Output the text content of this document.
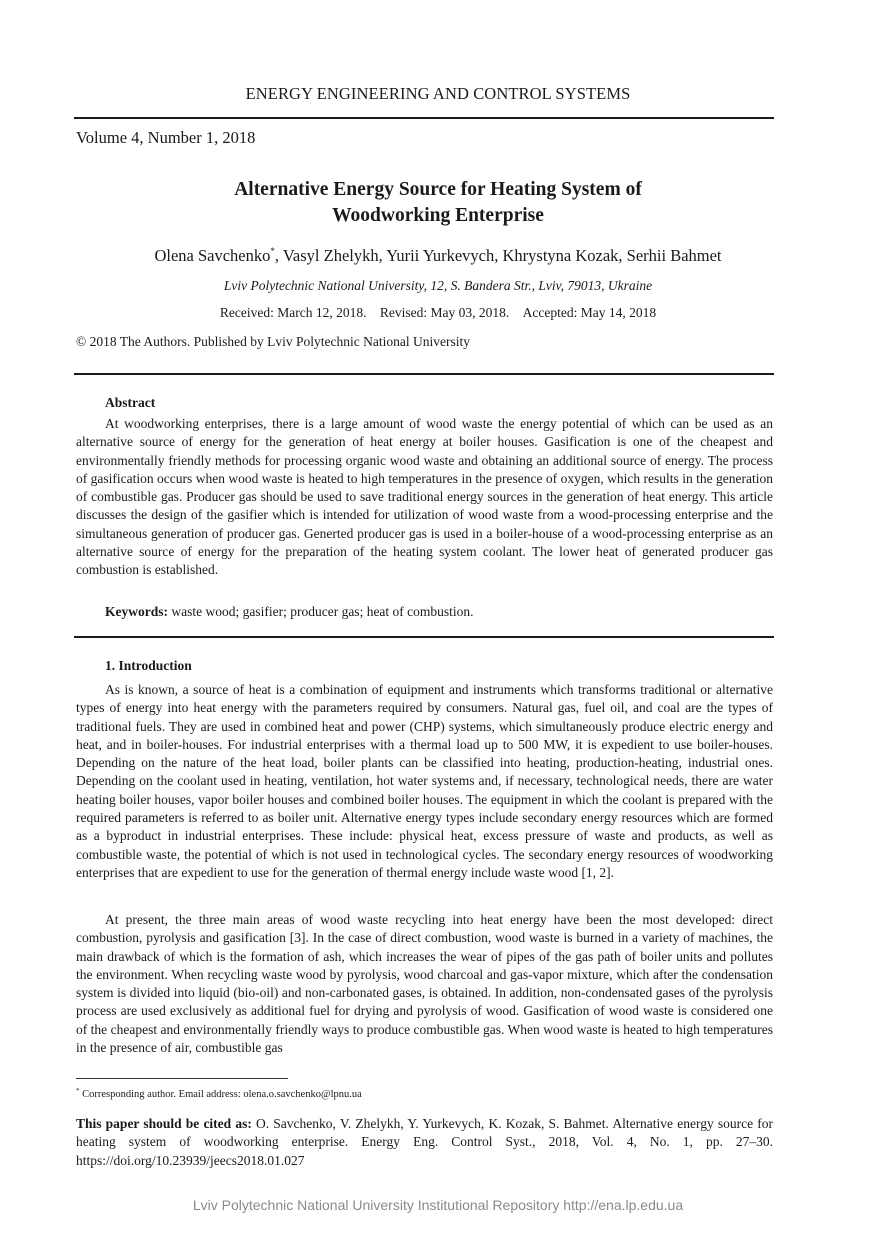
ENERGY ENGINEERING AND CONTROL SYSTEMS
Volume 4, Number 1, 2018
Alternative Energy Source for Heating System of
Woodworking Enterprise
Olena Savchenko*, Vasyl Zhelykh, Yurii Yurkevych, Khrystyna Kozak, Serhii Bahmet
Lviv Polytechnic National University, 12, S. Bandera Str., Lviv, 79013, Ukraine
Received: March 12, 2018. Revised: May 03, 2018. Accepted: May 14, 2018
© 2018 The Authors. Published by Lviv Polytechnic National University
Abstract
At woodworking enterprises, there is a large amount of wood waste the energy potential of which can be used as an alternative source of energy for the generation of heat energy at boiler houses. Gasification is one of the cheapest and environmentally friendly methods for processing organic wood waste and obtaining an additional source of energy. The process of gasification occurs when wood waste is heated to high temperatures in the presence of oxygen, which results in the generation of combustible gas. Producer gas should be used to save traditional energy sources in the generation of heat energy. This article discusses the design of the gasifier which is intended for utilization of wood waste from a wood-processing enterprise and the simultaneous generation of producer gas. Generted producer gas is used in a boiler-house of a wood-processing enterprise as an alternative source of energy for the preparation of the heating system coolant. The lower heat of generated producer gas combustion is established.
Keywords: waste wood; gasifier; producer gas; heat of combustion.
1. Introduction
As is known, a source of heat is a combination of equipment and instruments which transforms traditional or alternative types of energy into heat energy with the parameters required by consumers. Natural gas, fuel oil, and coal are the types of traditional fuels. They are used in combined heat and power (CHP) systems, which simultaneously produce electric energy and heat, and in boiler-houses. For industrial enterprises with a thermal load up to 500 MW, it is expedient to use boiler-houses. Depending on the nature of the heat load, boiler plants can be classified into heating, production-heating, industrial ones. Depending on the coolant used in heating, ventilation, hot water systems and, if necessary, technological needs, there are water heating boiler houses, vapor boiler houses and combined boiler houses. The equipment in which the coolant is prepared with the required parameters is referred to as boiler unit. Alternative energy types include secondary energy resources which are formed as a byproduct in industrial enterprises. These include: physical heat, excess pressure of waste and products, as well as combustible waste, the potential of which is not used in technological cycles. The secondary energy resources of woodworking enterprises that are expedient to use for the generation of thermal energy include waste wood [1, 2].
At present, the three main areas of wood waste recycling into heat energy have been the most developed: direct combustion, pyrolysis and gasification [3]. In the case of direct combustion, wood waste is burned in a variety of machines, the main drawback of which is the formation of ash, which increases the wear of pipes of the gas path of boiler units and pollutes the environment. When recycling waste wood by pyrolysis, wood charcoal and gas-vapor mixture, which after the condensation system is divided into liquid (bio-oil) and non-carbonated gases, is obtained. In addition, non-condensated gases of the pyrolysis process are used exclusively as additional fuel for drying and pyrolysis of wood. Gasification of wood waste is considered one of the cheapest and environmentally friendly ways to produce combustible gas. When wood waste is heated to high temperatures in the presence of air, combustible gas
* Corresponding author. Email address: olena.o.savchenko@lpnu.ua
This paper should be cited as: O. Savchenko, V. Zhelykh, Y. Yurkevych, K. Kozak, S. Bahmet. Alternative energy source for heating system of woodworking enterprise. Energy Eng. Control Syst., 2018, Vol. 4, No. 1, pp. 27–30. https://doi.org/10.23939/jeecs2018.01.027
Lviv Polytechnic National University Institutional Repository http://ena.lp.edu.ua
